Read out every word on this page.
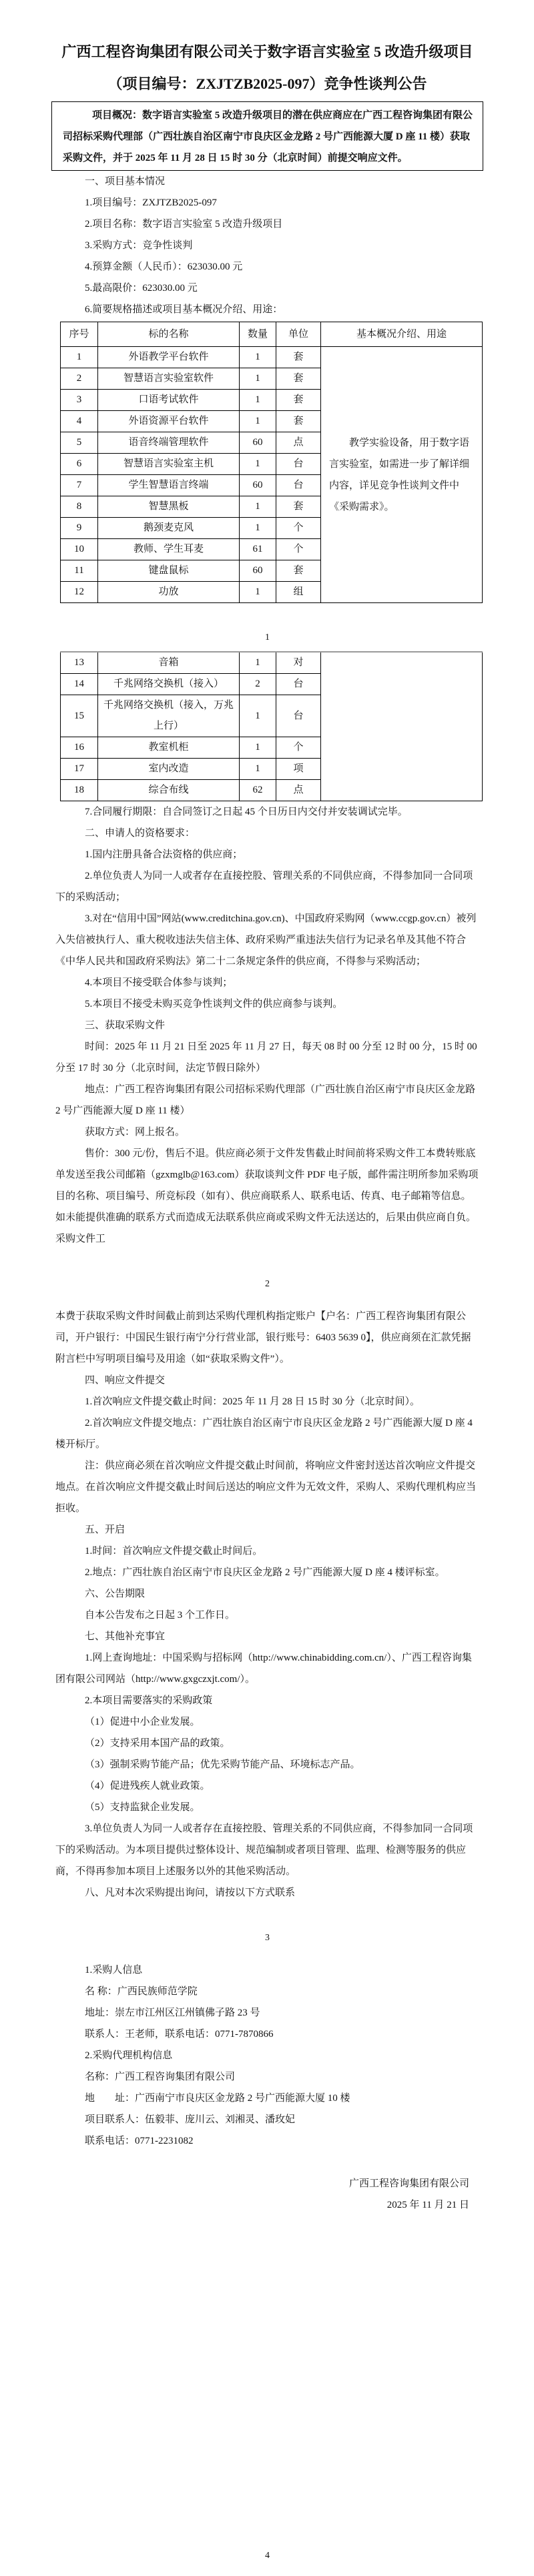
广西工程咨询集团有限公司关于数字语言实验室 5 改造升级项目
（项目编号：ZXJTZB2025-097）竞争性谈判公告

项目概况：数字语言实验室 5 改造升级项目的潜在供应商应在广西工程咨询集团有限公司招标采购代理部（广西壮族自治区南宁市良庆区金龙路 2 号广西能源大厦 D 座 11 楼）获取采购文件，并于 2025 年 11 月 28 日 15 时 30 分（北京时间）前提交响应文件。

一、项目基本情况

1.项目编号：ZXJTZB2025-097

2.项目名称：数字语言实验室 5 改造升级项目

3.采购方式：竞争性谈判

4.预算金额（人民币）：623030.00 元

5.最高限价：623030.00 元

6.简要规格描述或项目基本概况介绍、用途：

序号	标的名称	数量	单位	基本概况介绍、用途
1	外语教学平台软件	1	套	教学实验设备，用于数字语言实验室，如需进一步了解详细内容，详见竞争性谈判文件中《采购需求》。
2	智慧语言实验室软件	1	套	
3	口语考试软件	1	套	
4	外语资源平台软件	1	套	
5	语音终端管理软件	60	点	
6	智慧语言实验室主机	1	台	
7	学生智慧语言终端	60	台	
8	智慧黑板	1	套	
9	鹅颈麦克风	1	个	
10	教师、学生耳麦	61	个	
11	键盘鼠标	60	套	
12	功放	1	组	

1

13	音箱	1	对	
14	千兆网络交换机（接入）	2	台	
15	千兆网络交换机（接入，万兆上行）	1	台	
16	教室机柜	1	个	
17	室内改造	1	项	
18	综合布线	62	点	

7.合同履行期限：自合同签订之日起 45 个日历日内交付并安装调试完毕。

二、申请人的资格要求：

1.国内注册具备合法资格的供应商；

2.单位负责人为同一人或者存在直接控股、管理关系的不同供应商，不得参加同一合同项下的采购活动；

3.对在“信用中国”网站(www.creditchina.gov.cn)、中国政府采购网（www.ccgp.gov.cn）被列入失信被执行人、重大税收违法失信主体、政府采购严重违法失信行为记录名单及其他不符合《中华人民共和国政府采购法》第二十二条规定条件的供应商，不得参与采购活动；

4.本项目不接受联合体参与谈判；

5.本项目不接受未购买竞争性谈判文件的供应商参与谈判。

三、获取采购文件

时间：2025 年 11 月 21 日至 2025 年 11 月 27 日，每天 08 时 00 分至 12 时 00 分，15 时 00 分至 17 时 30 分（北京时间，法定节假日除外）

地点：广西工程咨询集团有限公司招标采购代理部（广西壮族自治区南宁市良庆区金龙路 2 号广西能源大厦 D 座 11 楼）

获取方式：网上报名。

售价：300 元/份，售后不退。供应商必须于文件发售截止时间前将采购文件工本费转账底单发送至我公司邮箱（gzxmglb@163.com）获取谈判文件 PDF 电子版，邮件需注明所参加采购项目的名称、项目编号、所竞标段（如有）、供应商联系人、联系电话、传真、电子邮箱等信息。如未能提供准确的联系方式而造成无法联系供应商或采购文件无法送达的，后果由供应商自负。采购文件工

2

本费于获取采购文件时间截止前到达采购代理机构指定账户【户名：广西工程咨询集团有限公司，开户银行：中国民生银行南宁分行营业部，银行账号：6403 5639 0】，供应商须在汇款凭据附言栏中写明项目编号及用途（如“获取采购文件”）。

四、响应文件提交

1.首次响应文件提交截止时间：2025 年 11 月 28 日 15 时 30 分（北京时间）。

2.首次响应文件提交地点：广西壮族自治区南宁市良庆区金龙路 2 号广西能源大厦 D 座 4 楼开标厅。

注：供应商必须在首次响应文件提交截止时间前，将响应文件密封送达首次响应文件提交地点。在首次响应文件提交截止时间后送达的响应文件为无效文件，采购人、采购代理机构应当拒收。

五、开启

1.时间：首次响应文件提交截止时间后。

2.地点：广西壮族自治区南宁市良庆区金龙路 2 号广西能源大厦 D 座 4 楼评标室。

六、公告期限

自本公告发布之日起 3 个工作日。

七、其他补充事宜

1.网上查询地址：中国采购与招标网（http://www.chinabidding.com.cn/）、广西工程咨询集团有限公司网站（http://www.gxgczxjt.com/）。

2.本项目需要落实的采购政策

（1）促进中小企业发展。

（2）支持采用本国产品的政策。

（3）强制采购节能产品；优先采购节能产品、环境标志产品。

（4）促进残疾人就业政策。

（5）支持监狱企业发展。

3.单位负责人为同一人或者存在直接控股、管理关系的不同供应商，不得参加同一合同项下的采购活动。为本项目提供过整体设计、规范编制或者项目管理、监理、检测等服务的供应商，不得再参加本项目上述服务以外的其他采购活动。

八、凡对本次采购提出询问，请按以下方式联系

3

1.采购人信息

名 称：广西民族师范学院

地址：崇左市江州区江州镇佛子路 23 号

联系人：王老师，联系电话：0771-7870866

2.采购代理机构信息

名称：广西工程咨询集团有限公司

地　　址：广西南宁市良庆区金龙路 2 号广西能源大厦 10 楼

项目联系人：伍毅菲、庞川云、刘湘灵、潘玫妃

联系电话：0771-2231082

广西工程咨询集团有限公司
2025 年 11 月 21 日

4
